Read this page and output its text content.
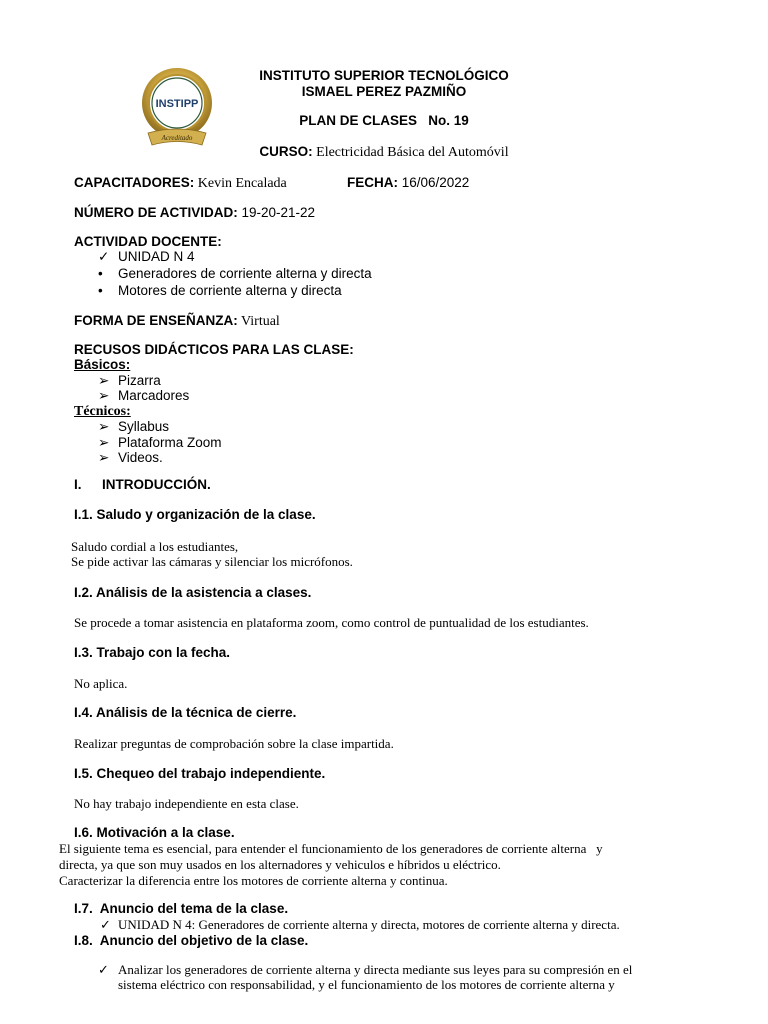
INSTIPP
Acreditado
INSTITUTO SUPERIOR TECNOLÓGICO
ISMAEL PEREZ PAZMIÑO
PLAN DE CLASES   No. 19
CURSO: Electricidad Básica del Automóvil
CAPACITADORES: Kevin Encalada	FECHA: 16/06/2022
NÚMERO DE ACTIVIDAD: 19-20-21-22
ACTIVIDAD DOCENTE:
✓ UNIDAD N 4
• Generadores de corriente alterna y directa
• Motores de corriente alterna y directa
FORMA DE ENSEÑANZA: Virtual
RECUSOS DIDÁCTICOS PARA LAS CLASE:
Básicos:
➢ Pizarra
➢ Marcadores
Técnicos:
➢ Syllabus
➢ Plataforma Zoom
➢ Videos.
I. INTRODUCCIÓN.
I.1. Saludo y organización de la clase.
Saludo cordial a los estudiantes,
Se pide activar las cámaras y silenciar los micrófonos.
I.2. Análisis de la asistencia a clases.
Se procede a tomar asistencia en plataforma zoom, como control de puntualidad de los estudiantes.
I.3. Trabajo con la fecha.
No aplica.
I.4. Análisis de la técnica de cierre.
Realizar preguntas de comprobación sobre la clase impartida.
I.5. Chequeo del trabajo independiente.
No hay trabajo independiente en esta clase.
I.6. Motivación a la clase.
El siguiente tema es esencial, para entender el funcionamiento de los generadores de corriente alterna   y
directa, ya que son muy usados en los alternadores y vehiculos e híbridos u eléctrico.
Caracterizar la diferencia entre los motores de corriente alterna y continua.
I.7.  Anuncio del tema de la clase.
✓ UNIDAD N 4: Generadores de corriente alterna y directa, motores de corriente alterna y directa.
I.8.  Anuncio del objetivo de la clase.
✓ Analizar los generadores de corriente alterna y directa mediante sus leyes para su compresión en el
sistema eléctrico con responsabilidad, y el funcionamiento de los motores de corriente alterna y
